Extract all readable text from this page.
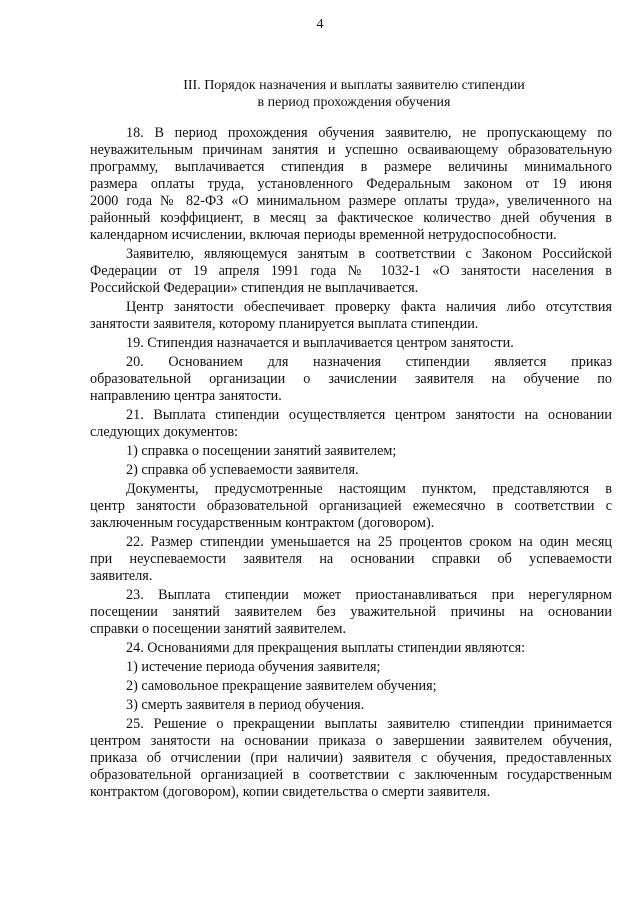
4
III. Порядок назначения и выплаты заявителю стипендии
в период прохождения обучения
18. В период прохождения обучения заявителю, не пропускающему по
неуважительным причинам занятия и успешно осваивающему образовательную
программу, выплачивается стипендия в размере величины минимального
размера оплаты труда, установленного Федеральным законом от 19 июня
2000 года № 82-ФЗ «О минимальном размере оплаты труда», увеличенного на
районный коэффициент, в месяц за фактическое количество дней обучения в
календарном исчислении, включая периоды временной нетрудоспособности.
Заявителю, являющемуся занятым в соответствии с Законом Российской
Федерации от 19 апреля 1991 года № 1032-1 «О занятости населения в
Российской Федерации» стипендия не выплачивается.
Центр занятости обеспечивает проверку факта наличия либо отсутствия
занятости заявителя, которому планируется выплата стипендии.
19. Стипендия назначается и выплачивается центром занятости.
20. Основанием для назначения стипендии является приказ
образовательной организации о зачислении заявителя на обучение по
направлению центра занятости.
21. Выплата стипендии осуществляется центром занятости на основании
следующих документов:
1) справка о посещении занятий заявителем;
2) справка об успеваемости заявителя.
Документы, предусмотренные настоящим пунктом, представляются в
центр занятости образовательной организацией ежемесячно в соответствии с
заключенным государственным контрактом (договором).
22. Размер стипендии уменьшается на 25 процентов сроком на один месяц
при неуспеваемости заявителя на основании справки об успеваемости
заявителя.
23. Выплата стипендии может приостанавливаться при нерегулярном
посещении занятий заявителем без уважительной причины на основании
справки о посещении занятий заявителем.
24. Основаниями для прекращения выплаты стипендии являются:
1) истечение периода обучения заявителя;
2) самовольное прекращение заявителем обучения;
3) смерть заявителя в период обучения.
25. Решение о прекращении выплаты заявителю стипендии принимается
центром занятости на основании приказа о завершении заявителем обучения,
приказа об отчислении (при наличии) заявителя с обучения, предоставленных
образовательной организацией в соответствии с заключенным государственным
контрактом (договором), копии свидетельства о смерти заявителя.
